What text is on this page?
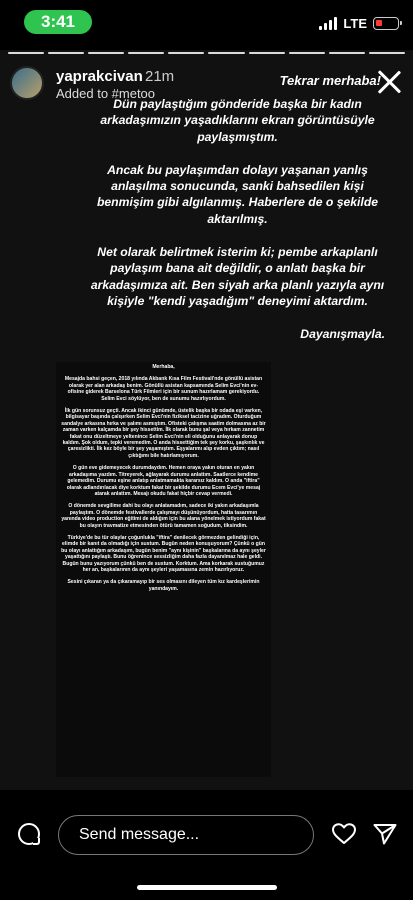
3:41	LTE
yaprakcivan 21m
Added to #metoo
Tekrar merhaba!

Dün paylaştığım gönderide başka bir kadın arkadaşımızın yaşadıklarını ekran görüntüsüyle paylaşmıştım.

Ancak bu paylaşımdan dolayı yaşanan yanlış anlaşılma sonucunda, sanki bahsedilen kişi benmişim gibi algılanmış. Haberlere de o şekilde aktarılmış.

Net olarak belirtmek isterim ki; pembe arkaplanlı paylaşım bana ait değildir, o anlatı başka bir arkadaşımıza ait. Ben siyah arka planlı yazıyla aynı kişiyle "kendi yaşadığım" deneyimi aktardım.

Dayanışmayla.

Merhaba,

Mesajda bahsi geçen, 2018 yılında Akbank Kısa Film Festivali'nde gönüllü asistan olarak yer alan arkadaş benim. Gönüllü asistan kapsamında Selim Evci'nin ev-ofisine giderek Barselona Türk Filmleri için bir sunum hazırlamam gerekiyordu. Selim Evci söylüyor, ben de sunumu hazırlıyordum.

İlk gün sorunsuz geçti. Ancak ikinci günümde, üstelik başka bir odada eşi varken, bilgisayar başında çalışırken Selim Evci'nin fiziksel tacizine uğradım. Oturduğum sandalye arkasına hırka ve şalımı asmıştım. Ofisteki çalışma saatim dolmasına az bir zaman varken kalçamda bir şey hissettim. İlk olarak bunu şal veya hırkam zannetim fakat onu düzeltmeye yeltenince Selim Evci'nin eli olduğunu anlayarak donup kaldım. Şok oldum, tepki veremedim. O anda hissettiğim tek şey korku, şaşkınlık ve çaresizlikti. İlk kez böyle bir şey yaşamıştım. Eşyalarımı alıp evden çıktım; nasıl çıktığımı bile hatırlamıyorum.

O gün eve gidemeyecek durumdaydım. Hemen oraya yakın oturan en yakın arkadaşıma yazdım. Titreyerek, ağlayarak durumu anlattım. Saatlerce kendime gelemedim. Durumu eşine anlatıp anlatmamakta kararsız kaldım. O anda "iftira" olarak adlandırılacak diye korktum fakat bir şekilde durumu Ecem Evci'ye mesaj atarak anlattım. Mesajı okudu fakat hiçbir cevap vermedi.

O dönemde sevgilime dahi bu olayı anlatamadım, sadece iki yakın arkadaşımla paylaştım. O dönemde festivallerde çalışmayı düşünüyordum, hatta tasarımın yanında video production eğitimi de aldığım için bu alana yönelmek istiyordum fakat bu olayın travmatize etmesinden ötürü tamamen soğudum, tiksindim.

Türkiye'de bu tür olaylar çoğunlukla "iftira" denilecek görmezden gelindiği için, elimde bir kanıt da olmadığı için sustum. Bugün neden konuşuyorum? Çünkü o gün bu olayı anlattığım arkadaşım, bugün benim "aynı kişinin" başkalarına da aynı şeyler yaşattığını paylaştı. Bunu öğrenince sessizliğim daha fazla dayanılmaz hale geldi. Bugün bunu yazıyorum çünkü ben de sustum. Korktum. Ama korkarak sustuğumuz her an, başkalarının da aynı şeyleri yaşamasına zemin hazırlıyoruz.

Sesini çıkaran ya da çıkaramayıp bir ses olmasını dileyen tüm kız kardeşlerimin yanındayım.

Send message...
